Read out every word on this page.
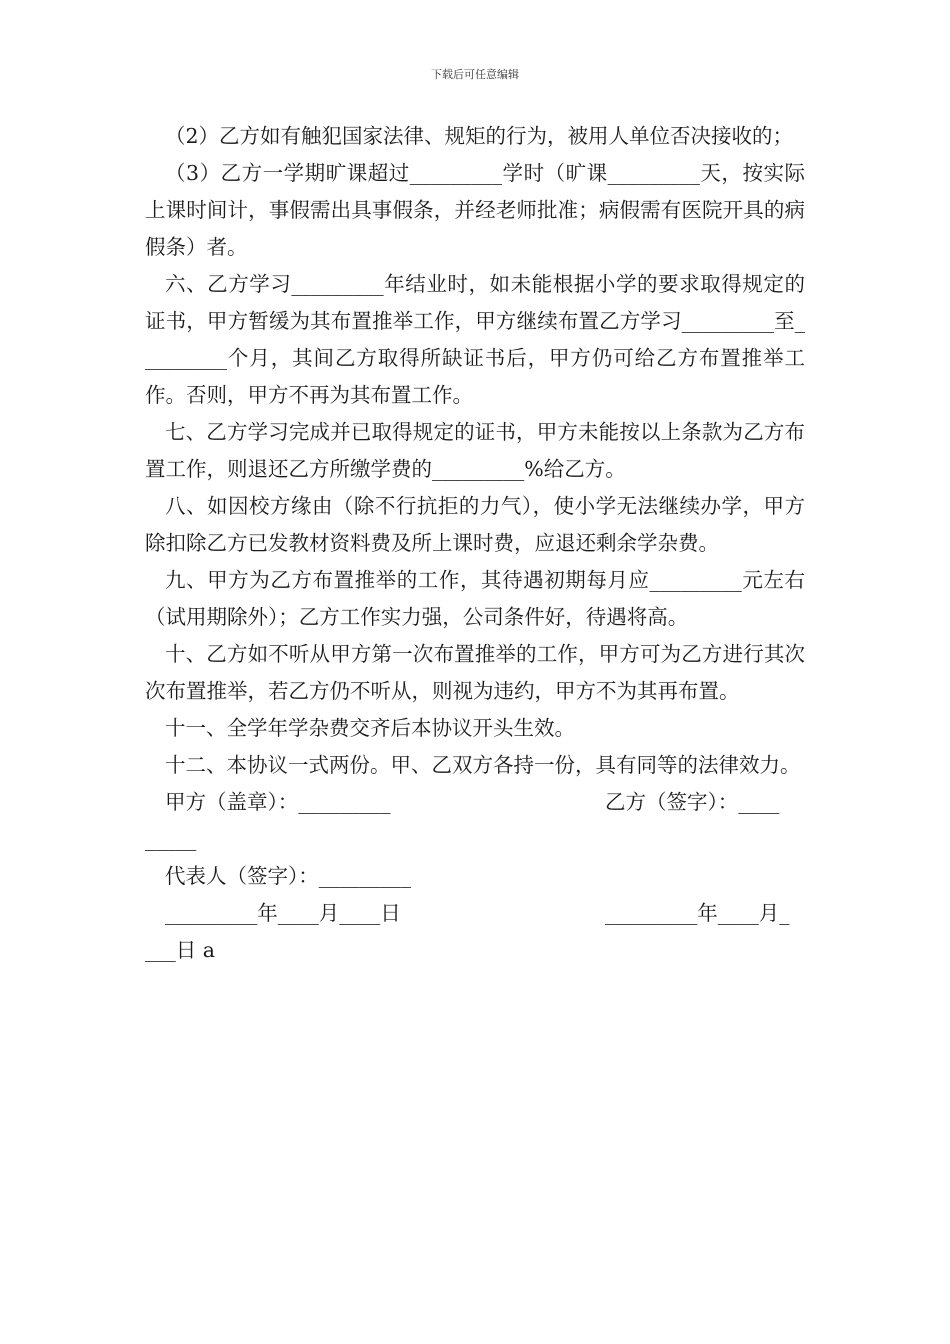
下载后可任意编辑

（2）乙方如有触犯国家法律、规矩的行为，被用人单位否决接收的；

（3）乙方一学期旷课超过_________学时（旷课_________天，按实际上课时间计，事假需出具事假条，并经老师批准；病假需有医院开具的病假条）者。

六、乙方学习_________年结业时，如未能根据小学的要求取得规定的证书，甲方暂缓为其布置推举工作，甲方继续布置乙方学习_________至_________个月，其间乙方取得所缺证书后，甲方仍可给乙方布置推举工作。否则，甲方不再为其布置工作。

七、乙方学习完成并已取得规定的证书，甲方未能按以上条款为乙方布置工作，则退还乙方所缴学费的_________%给乙方。

八、如因校方缘由（除不行抗拒的力气），使小学无法继续办学，甲方除扣除乙方已发教材资料费及所上课时费，应退还剩余学杂费。

九、甲方为乙方布置推举的工作，其待遇初期每月应_________元左右（试用期除外）；乙方工作实力强，公司条件好，待遇将高。

十、乙方如不听从甲方第一次布置推举的工作，甲方可为乙方进行其次次布置推举，若乙方仍不听从，则视为违约，甲方不为其再布置。

十一、全学年学杂费交齐后本协议开头生效。

十二、本协议一式两份。甲、乙双方各持一份，具有同等的法律效力。

甲方（盖章）：_________

	乙方（签字）：____

_____

代表人（签字）：_________

_________年____月____日

	_________年____月_

___日 a
